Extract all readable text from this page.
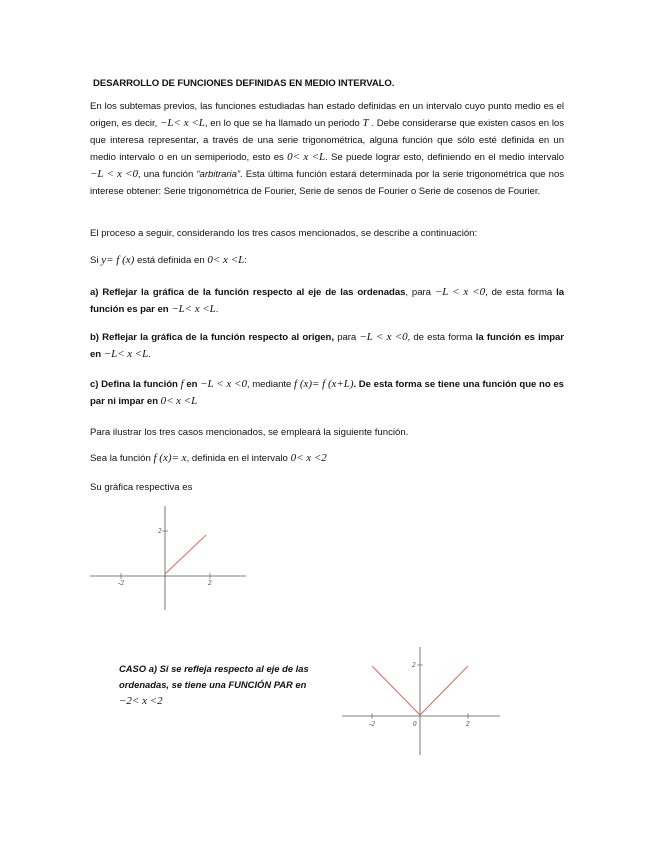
DESARROLLO DE FUNCIONES DEFINIDAS EN MEDIO INTERVALO.
En los subtemas previos, las funciones estudiadas han estado definidas en un intervalo cuyo punto medio es el origen, es decir, −L< x <L, en lo que se ha llamado un periodo T . Debe considerarse que existen casos en los que interesa representar, a través de una serie trigonométrica, alguna función que sólo esté definida en un medio intervalo o en un semiperiodo, esto es 0< x <L. Se puede lograr esto, definiendo en el medio intervalo −L < x <0, una función “arbitraria”. Esta última función estará determinada por la serie trigonométrica que nos interese obtener: Serie trigonométrica de Fourier, Serie de senos de Fourier o Serie de cosenos de Fourier.
El proceso a seguir, considerando los tres casos mencionados, se describe a continuación:
Si y= f (x) está definida en 0< x <L:
a) Reflejar la gráfica de la función respecto al eje de las ordenadas, para −L < x <0, de esta forma la función es par en −L< x <L.
b) Reflejar la gráfica de la función respecto al origen, para −L < x <0, de esta forma la función es impar en −L< x <L.
c) Defina la función f en −L < x <0, mediante f (x)= f (x+L). De esta forma se tiene una función que no es par ni impar en 0< x <L
Para ilustrar los tres casos mencionados, se empleará la siguiente función.
Sea la función f (x)= x, definida en el intervalo 0< x <2
Su gráfica respectiva es
2
-2	2
CASO a) Si se refleja respecto al eje de las ordenadas, se tiene una FUNCIÓN PAR en −2< x <2
2
-2	0	2
